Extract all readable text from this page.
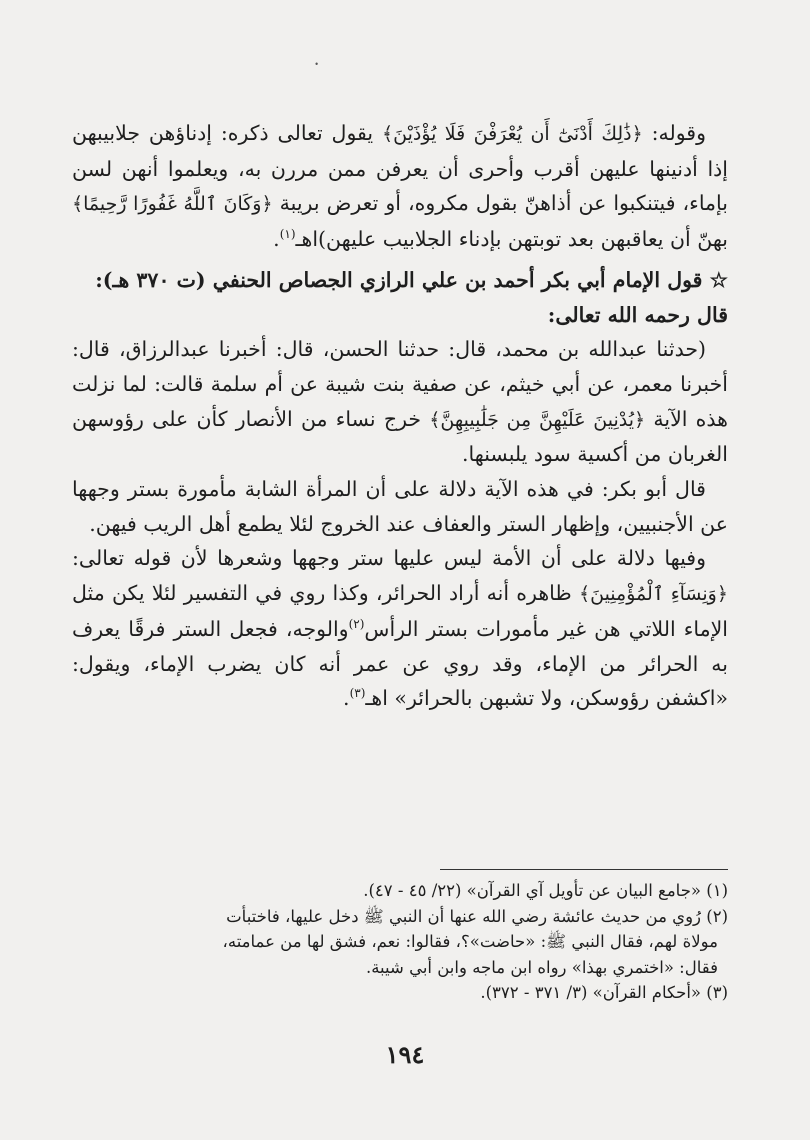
•

وقوله: ﴿ذَٰلِكَ أَدْنَىٰٓ أَن يُعْرَفْنَ فَلَا يُؤْذَيْنَ﴾ يقول تعالى ذكره: إدناؤهن جلابيبهن إذا أدنينها عليهن أقرب وأحرى أن يعرفن ممن مررن به، ويعلموا أنهن لسن بإماء، فيتنكبوا عن أذاهنّ بقول مكروه، أو تعرض بريبة ﴿وَكَانَ ٱللَّهُ غَفُورًا رَّحِيمًا﴾ بهنّ أن يعاقبهن بعد توبتهن بإدناء الجلابيب عليهن)اهـ$^{(١)}$.

☆ قول الإمام أبي بكر أحمد بن علي الرازي الجصاص الحنفي (ت ٣٧٠ هـ):

قال رحمه الله تعالى:

(حدثنا عبدالله بن محمد، قال: حدثنا الحسن، قال: أخبرنا عبدالرزاق، قال: أخبرنا معمر، عن أبي خيثم، عن صفية بنت شيبة عن أم سلمة قالت: لما نزلت هذه الآية ﴿يُدْنِينَ عَلَيْهِنَّ مِن جَلَٰبِيبِهِنَّ﴾ خرج نساء من الأنصار كأن على رؤوسهن الغربان من أكسية سود يلبسنها.

قال أبو بكر: في هذه الآية دلالة على أن المرأة الشابة مأمورة بستر وجهها عن الأجنبيين، وإظهار الستر والعفاف عند الخروج لئلا يطمع أهل الريب فيهن.

وفيها دلالة على أن الأمة ليس عليها ستر وجهها وشعرها لأن قوله تعالى: ﴿وَنِسَآءِ ٱلْمُؤْمِنِينَ﴾ ظاهره أنه أراد الحرائر، وكذا روي في التفسير لئلا يكن مثل الإماء اللاتي هن غير مأمورات بستر الرأس$^{(٢)}$والوجه، فجعل الستر فرقًا يعرف به الحرائر من الإماء، وقد روي عن عمر أنه كان يضرب الإماء، ويقول: «اكشفن رؤوسكن، ولا تشبهن بالحرائر» اهـ$^{(٣)}$.

(١) «جامع البيان عن تأويل آي القرآن» (٢٢/ ٤٥ - ٤٧).

(٢) رُوي من حديث عائشة رضي الله عنها أن النبي ﷺ دخل عليها، فاختبأت

مولاة لهم، فقال النبي ﷺ: «حاضت»؟، فقالوا: نعم، فشق لها من عمامته،

فقال: «اختمري بهذا» رواه ابن ماجه وابن أبي شيبة.

(٣) «أحكام القرآن» (٣/ ٣٧١ - ٣٧٢).

١٩٤
